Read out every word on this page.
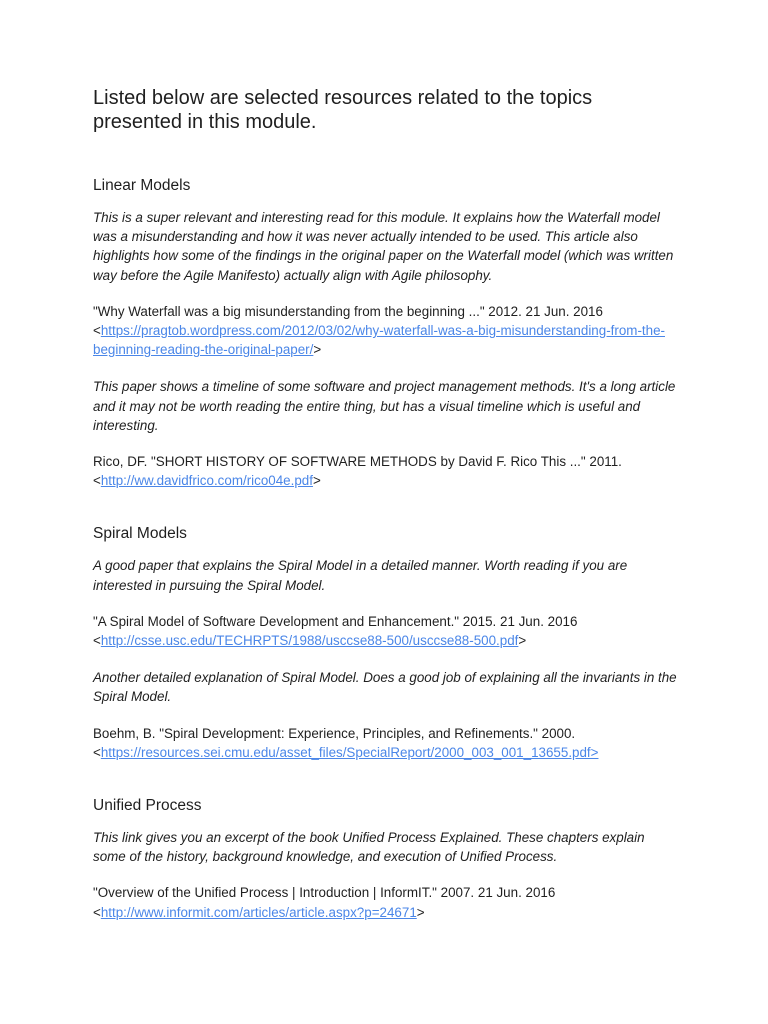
Listed below are selected resources related to the topics presented in this module.
Linear Models

This is a super relevant and interesting read for this module. It explains how the Waterfall model was a misunderstanding and how it was never actually intended to be used. This article also highlights how some of the findings in the original paper on the Waterfall model (which was written way before the Agile Manifesto) actually align with Agile philosophy.

"Why Waterfall was a big misunderstanding from the beginning ..." 2012. 21 Jun. 2016
<https://pragtob.wordpress.com/2012/03/02/why-waterfall-was-a-big-misunderstanding-from-the-beginning-reading-the-original-paper/>

This paper shows a timeline of some software and project management methods. It's a long article and it may not be worth reading the entire thing, but has a visual timeline which is useful and interesting.

Rico, DF. "SHORT HISTORY OF SOFTWARE METHODS by David F. Rico This ..." 2011.
<http://ww.davidfrico.com/rico04e.pdf>

Spiral Models

A good paper that explains the Spiral Model in a detailed manner. Worth reading if you are interested in pursuing the Spiral Model.

"A Spiral Model of Software Development and Enhancement." 2015. 21 Jun. 2016
<http://csse.usc.edu/TECHRPTS/1988/usccse88-500/usccse88-500.pdf>

Another detailed explanation of Spiral Model. Does a good job of explaining all the invariants in the Spiral Model.

Boehm, B. "Spiral Development: Experience, Principles, and Refinements." 2000.
<https://resources.sei.cmu.edu/asset_files/SpecialReport/2000_003_001_13655.pdf>

Unified Process

This link gives you an excerpt of the book Unified Process Explained. These chapters explain some of the history, background knowledge, and execution of Unified Process.

"Overview of the Unified Process | Introduction | InformIT." 2007. 21 Jun. 2016
<http://www.informit.com/articles/article.aspx?p=24671>
